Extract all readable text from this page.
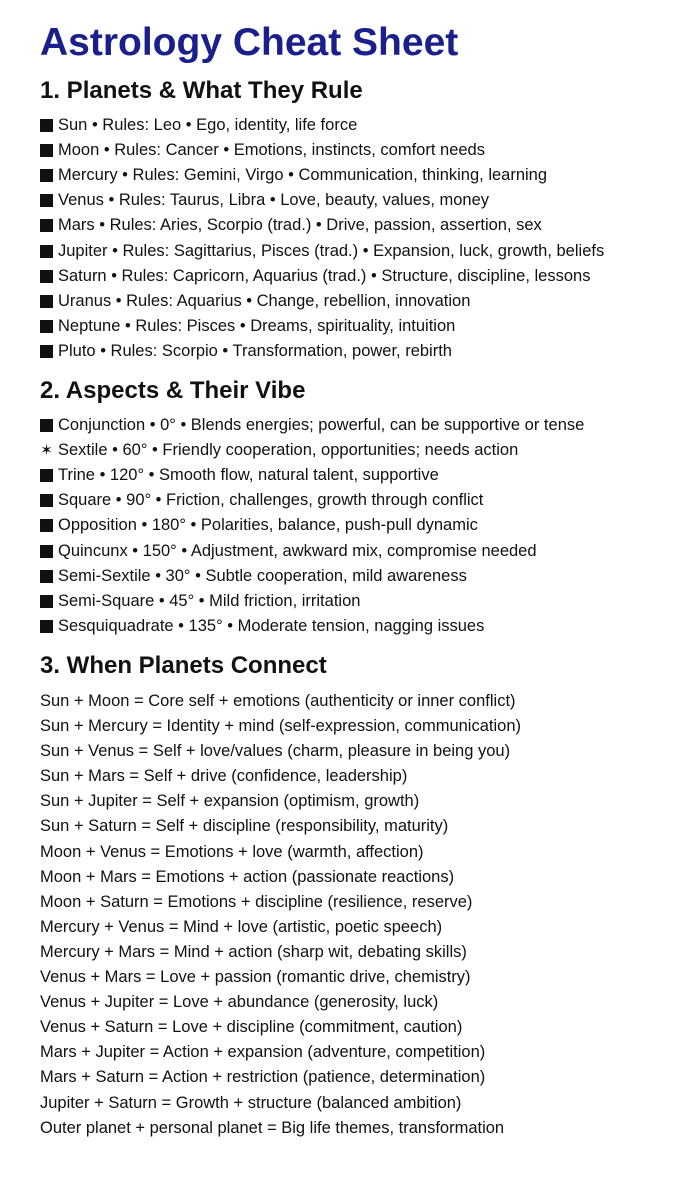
Astrology Cheat Sheet
1. Planets & What They Rule
Sun • Rules: Leo • Ego, identity, life force
Moon • Rules: Cancer • Emotions, instincts, comfort needs
Mercury • Rules: Gemini, Virgo • Communication, thinking, learning
Venus • Rules: Taurus, Libra • Love, beauty, values, money
Mars • Rules: Aries, Scorpio (trad.) • Drive, passion, assertion, sex
Jupiter • Rules: Sagittarius, Pisces (trad.) • Expansion, luck, growth, beliefs
Saturn • Rules: Capricorn, Aquarius (trad.) • Structure, discipline, lessons
Uranus • Rules: Aquarius • Change, rebellion, innovation
Neptune • Rules: Pisces • Dreams, spirituality, intuition
Pluto • Rules: Scorpio • Transformation, power, rebirth
2. Aspects & Their Vibe
Conjunction • 0° • Blends energies; powerful, can be supportive or tense
✶ Sextile • 60° • Friendly cooperation, opportunities; needs action
Trine • 120° • Smooth flow, natural talent, supportive
Square • 90° • Friction, challenges, growth through conflict
Opposition • 180° • Polarities, balance, push-pull dynamic
Quincunx • 150° • Adjustment, awkward mix, compromise needed
Semi-Sextile • 30° • Subtle cooperation, mild awareness
Semi-Square • 45° • Mild friction, irritation
Sesquiquadrate • 135° • Moderate tension, nagging issues
3. When Planets Connect
Sun + Moon = Core self + emotions (authenticity or inner conflict)
Sun + Mercury = Identity + mind (self-expression, communication)
Sun + Venus = Self + love/values (charm, pleasure in being you)
Sun + Mars = Self + drive (confidence, leadership)
Sun + Jupiter = Self + expansion (optimism, growth)
Sun + Saturn = Self + discipline (responsibility, maturity)
Moon + Venus = Emotions + love (warmth, affection)
Moon + Mars = Emotions + action (passionate reactions)
Moon + Saturn = Emotions + discipline (resilience, reserve)
Mercury + Venus = Mind + love (artistic, poetic speech)
Mercury + Mars = Mind + action (sharp wit, debating skills)
Venus + Mars = Love + passion (romantic drive, chemistry)
Venus + Jupiter = Love + abundance (generosity, luck)
Venus + Saturn = Love + discipline (commitment, caution)
Mars + Jupiter = Action + expansion (adventure, competition)
Mars + Saturn = Action + restriction (patience, determination)
Jupiter + Saturn = Growth + structure (balanced ambition)
Outer planet + personal planet = Big life themes, transformation
